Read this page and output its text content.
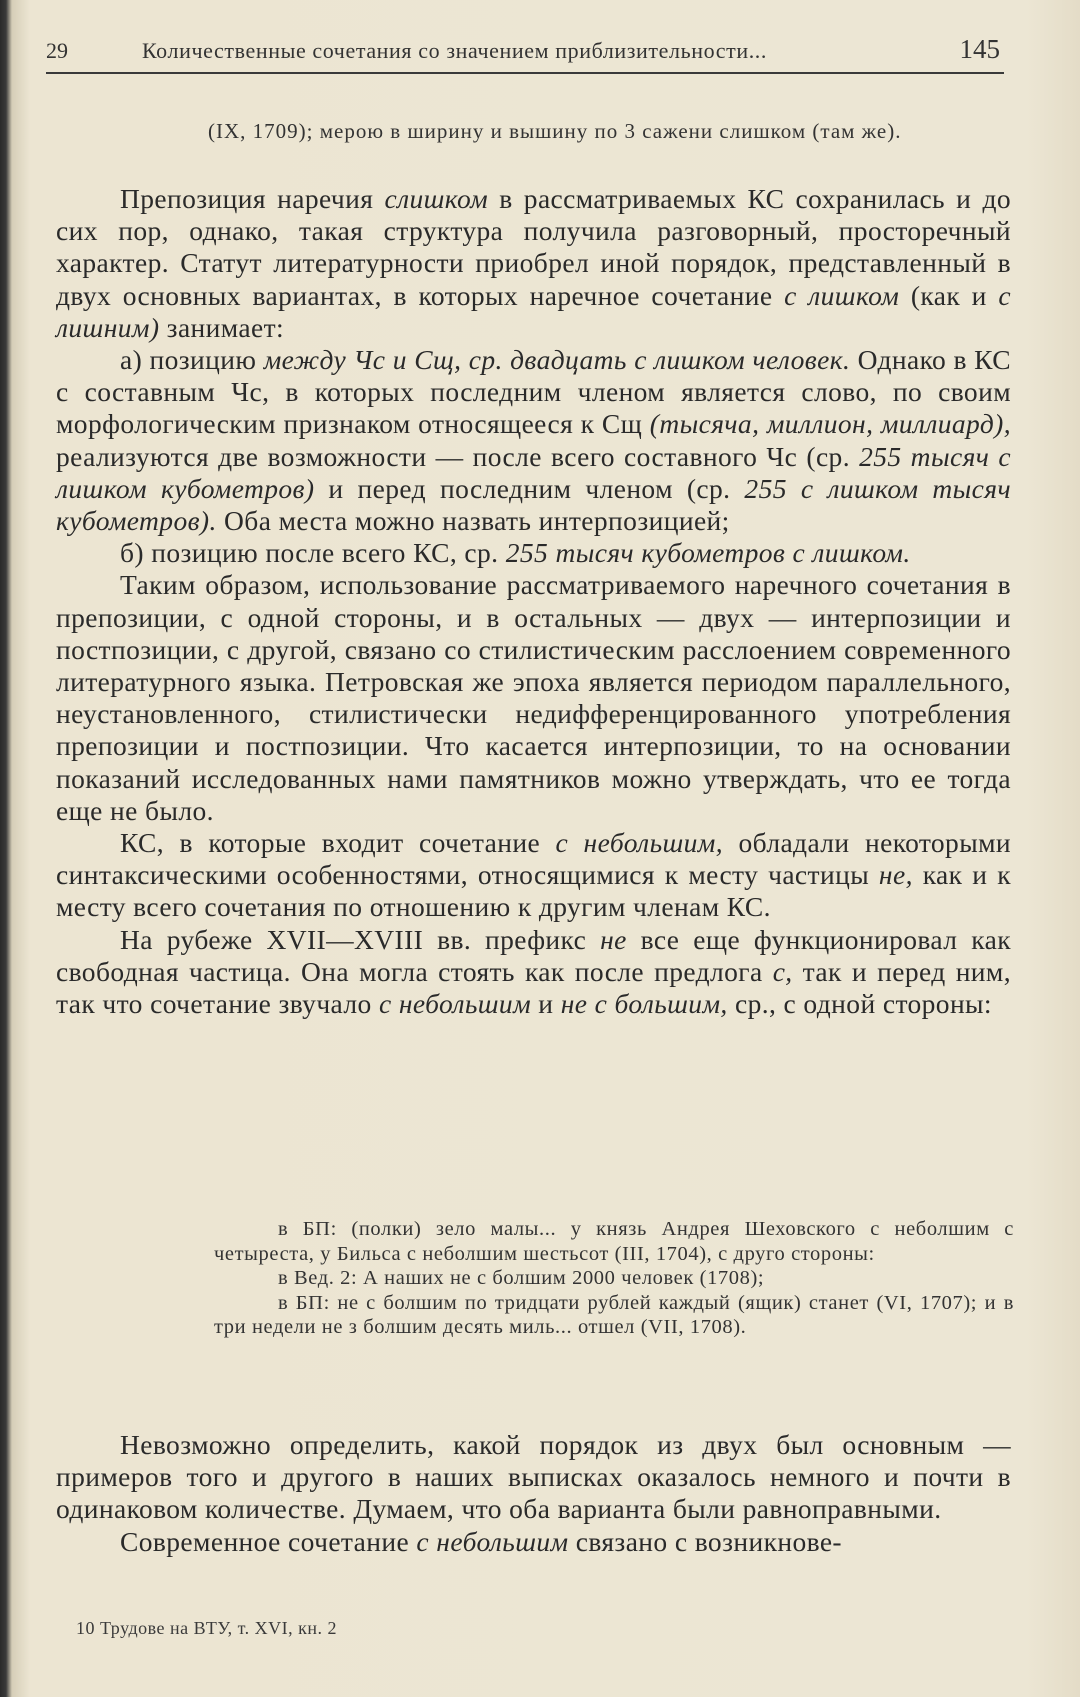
29	Количественные сочетания со значением приблизительности...	145
(IX, 1709); мерою в ширину и вышину по 3 сажени слишком (там же).

Препозиция наречия слишком в рассматриваемых КС сохранилась и до сих пор, однако, такая структура получила разговорный, просторечный характер. Статут литературности приобрел иной порядок, представленный в двух основных вариантах, в которых наречное сочетание с лишком (как и с лишним) занимает:

а) позицию между Чс и Сщ, ср. двадцать с лишком человек. Однако в КС с составным Чс, в которых последним членом является слово, по своим морфологическим признаком относящееся к Сщ (тысяча, миллион, миллиард), реализуются две возможности — после всего составного Чс (ср. 255 тысяч с лишком кубометров) и перед последним членом (ср. 255 с лишком тысяч кубометров). Оба места можно назвать интерпозицией;

б) позицию после всего КС, ср. 255 тысяч кубометров с лишком.

Таким образом, использование рассматриваемого наречного сочетания в препозиции, с одной стороны, и в остальных — двух — интерпозиции и постпозиции, с другой, связано со стилистическим расслоением современного литературного языка. Петровская же эпоха является периодом параллельного, неустановленного, стилистически недифференцированного употребления препозиции и постпозиции. Что касается интерпозиции, то на основании показаний исследованных нами памятников можно утверждать, что ее тогда еще не было.

КС, в которые входит сочетание с небольшим, обладали некоторыми синтаксическими особенностями, относящимися к месту частицы не, как и к месту всего сочетания по отношению к другим членам КС.

На рубеже XVII—XVIII вв. префикс не все еще функционировал как свободная частица. Она могла стоять как после предлога с, так и перед ним, так что сочетание звучало с небольшим и не с большим, ср., с одной стороны:

в БП: (полки) зело малы... у князь Андрея Шеховского с неболшим с четыреста, у Бильса с неболшим шестьсот (III, 1704), с друго стороны:

в Вед. 2: А наших не с болшим 2000 человек (1708);

в БП: не с болшим по тридцати рублей каждый (ящик) станет (VI, 1707); и в три недели не з болшим десять миль... отшел (VII, 1708).

Невозможно определить, какой порядок из двух был основным — примеров того и другого в наших выписках оказалось немного и почти в одинаковом количестве. Думаем, что оба варианта были равноправными.

Современное сочетание с небольшим связано с возникнове-

10 Трудове на ВТУ, т. XVI, кн. 2
